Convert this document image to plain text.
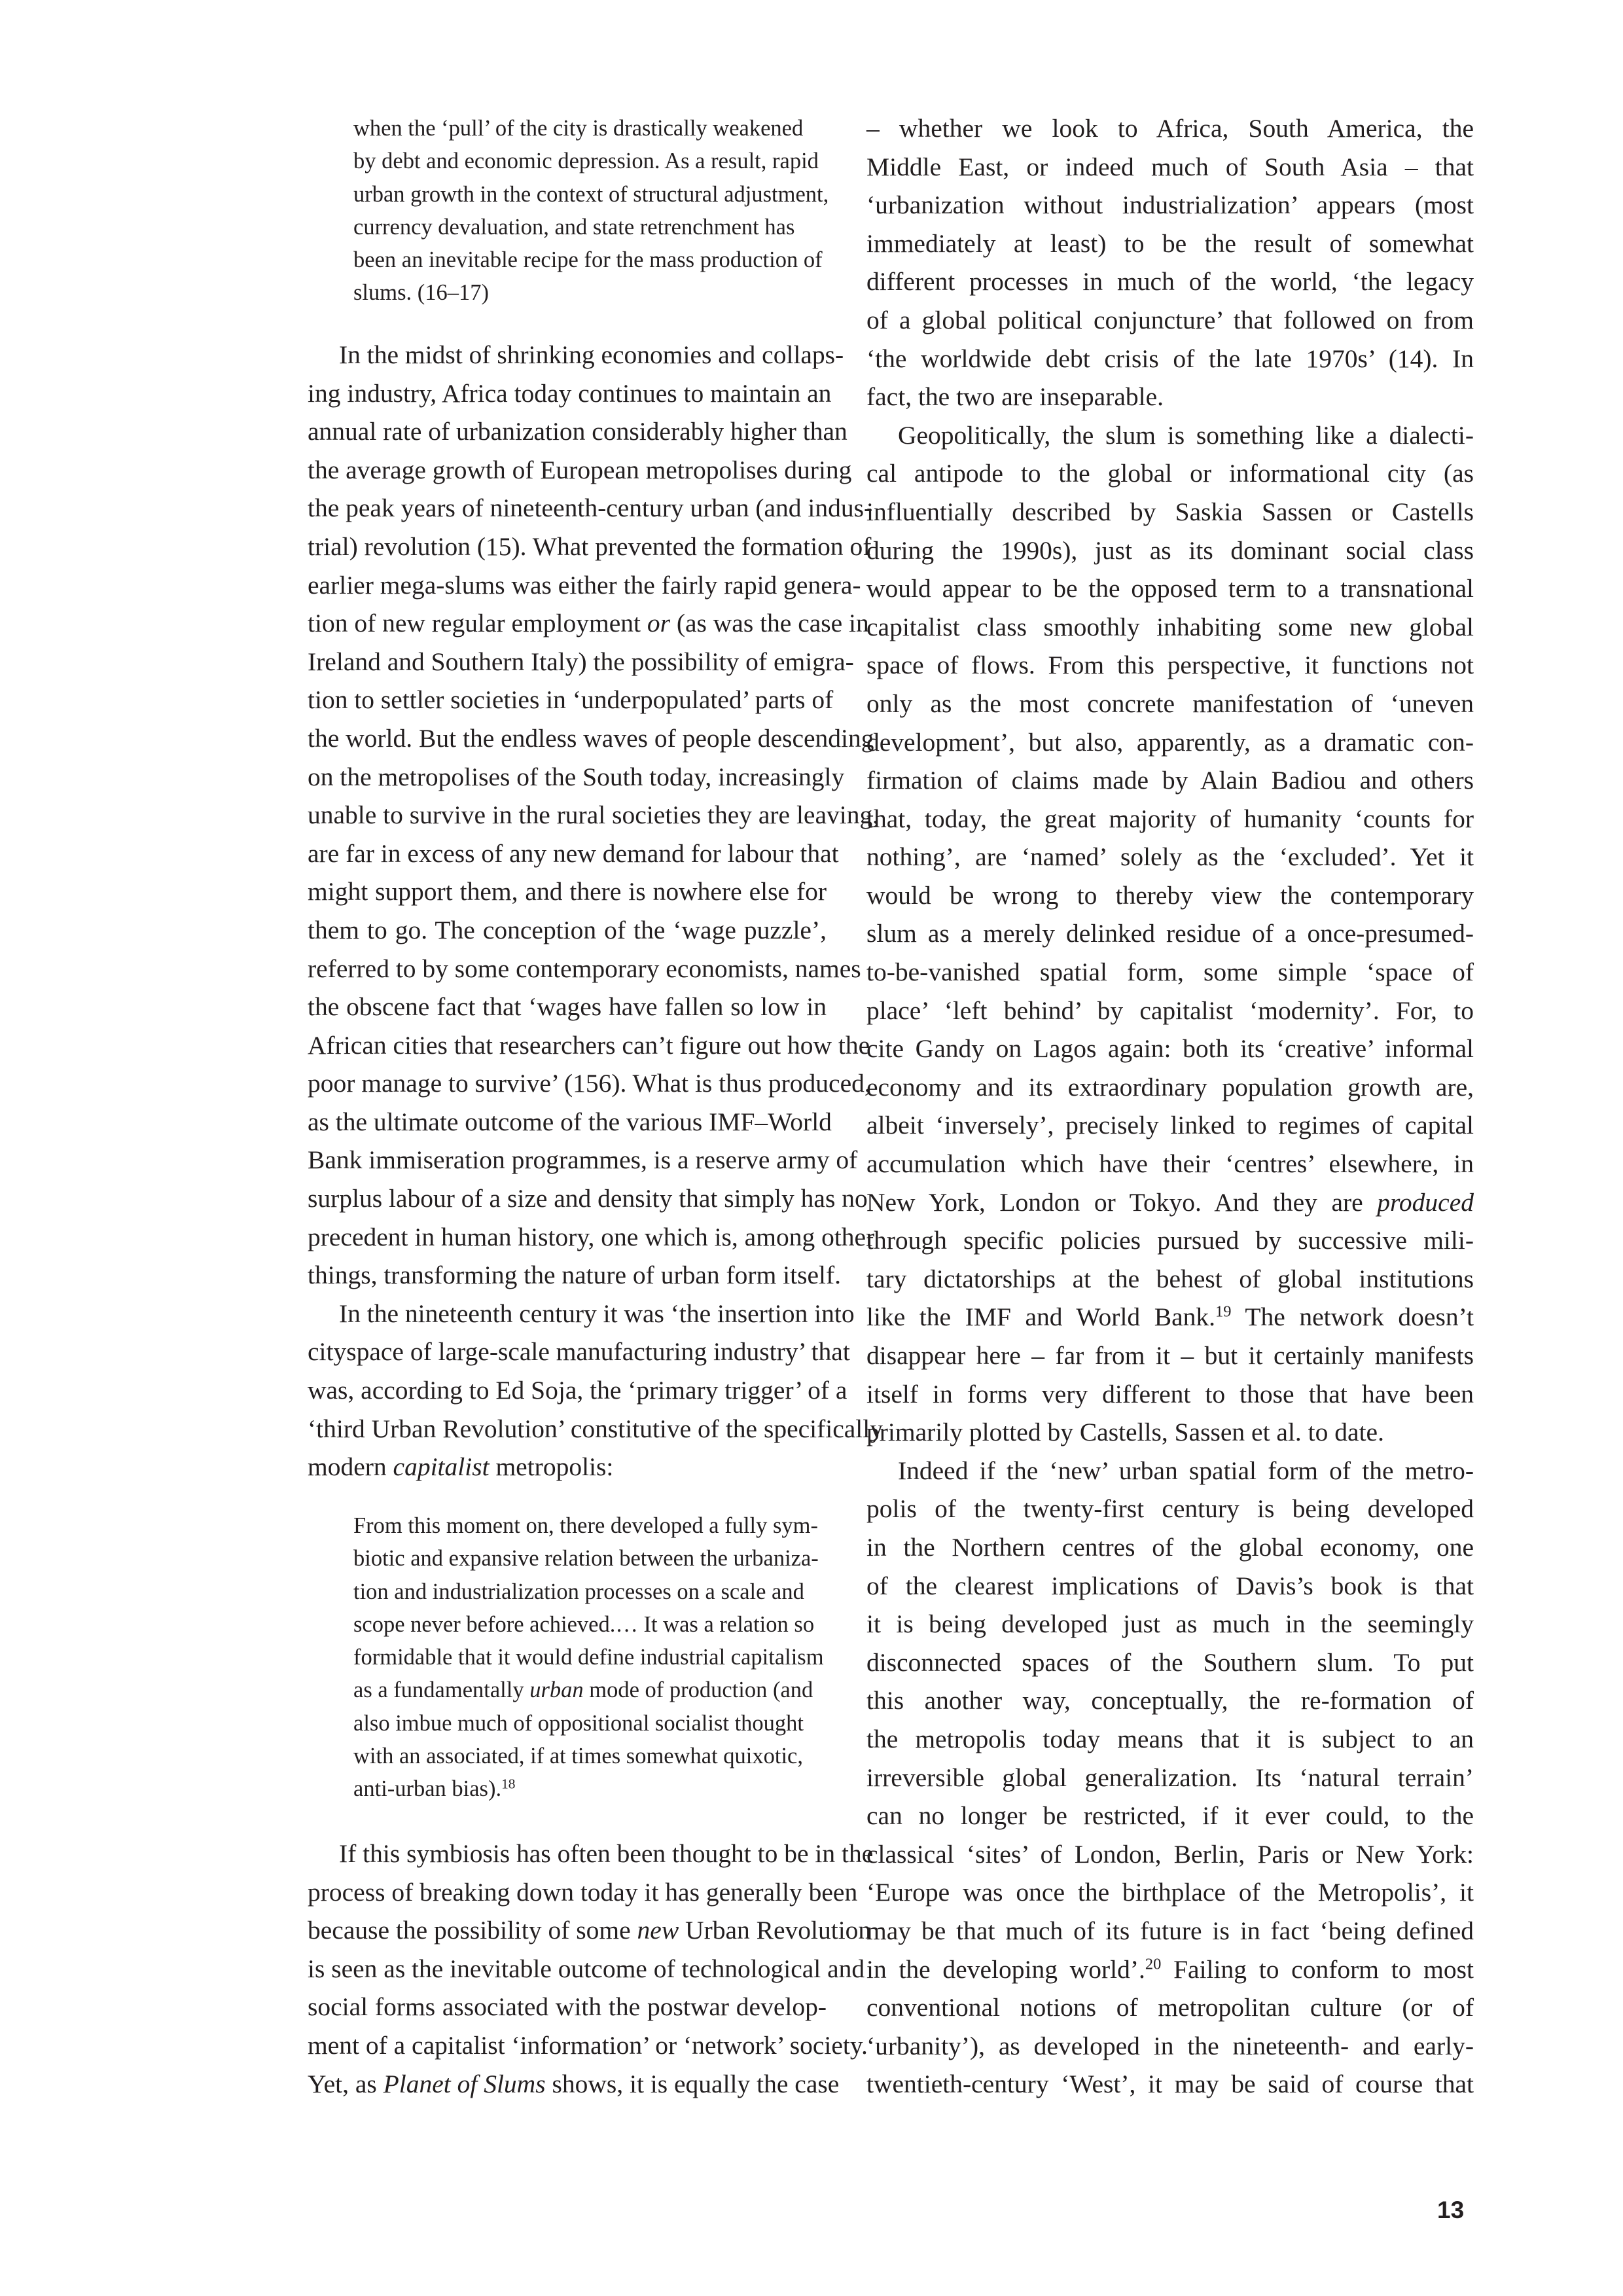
when the ‘pull’ of the city is drastically weakened
by debt and economic depression. As a result, rapid
urban growth in the context of structural adjustment,
currency devaluation, and state retrenchment has
been an inevitable recipe for the mass production of
slums. (16–17)
In the midst of shrinking economies and collaps-
ing industry, Africa today continues to maintain an
annual rate of urbanization considerably higher than
the average growth of European metropolises during
the peak years of nineteenth-century urban (and indus-
trial) revolution (15). What prevented the formation of
earlier mega-slums was either the fairly rapid genera-
tion of new regular employment or (as was the case in
Ireland and Southern Italy) the possibility of emigra-
tion to settler societies in ‘underpopulated’ parts of
the world. But the endless waves of people descending
on the metropolises of the South today, increasingly
unable to survive in the rural societies they are leaving,
are far in excess of any new demand for labour that
might support them, and there is nowhere else for
them to go. The conception of the ‘wage puzzle’,
referred to by some contemporary economists, names
the obscene fact that ‘wages have fallen so low in
African cities that researchers can’t figure out how the
poor manage to survive’ (156). What is thus produced,
as the ultimate outcome of the various IMF–World
Bank immiseration programmes, is a reserve army of
surplus labour of a size and density that simply has no
precedent in human history, one which is, among other
things, transforming the nature of urban form itself.
In the nineteenth century it was ‘the insertion into
cityspace of large-scale manufacturing industry’ that
was, according to Ed Soja, the ‘primary trigger’ of a
‘third Urban Revolution’ constitutive of the specifically
modern capitalist metropolis:
From this moment on, there developed a fully sym-
biotic and expansive relation between the urbaniza-
tion and industrialization processes on a scale and
scope never before achieved.… It was a relation so
formidable that it would define industrial capitalism
as a fundamentally urban mode of production (and
also imbue much of oppositional socialist thought
with an associated, if at times somewhat quixotic,
anti-urban bias).$^{18}$
If this symbiosis has often been thought to be in the
process of breaking down today it has generally been
because the possibility of some new Urban Revolution
is seen as the inevitable outcome of technological and
social forms associated with the postwar develop-
ment of a capitalist ‘information’ or ‘network’ society.
Yet, as Planet of Slums shows, it is equally the case
– whether we look to Africa, South America, the
Middle East, or indeed much of South Asia – that
‘urbanization without industrialization’ appears (most
immediately at least) to be the result of somewhat
different processes in much of the world, ‘the legacy
of a global political conjuncture’ that followed on from
‘the worldwide debt crisis of the late 1970s’ (14). In
fact, the two are inseparable.
Geopolitically, the slum is something like a dialecti-
cal antipode to the global or informational city (as
influentially described by Saskia Sassen or Castells
during the 1990s), just as its dominant social class
would appear to be the opposed term to a transnational
capitalist class smoothly inhabiting some new global
space of flows. From this perspective, it functions not
only as the most concrete manifestation of ‘uneven
development’, but also, apparently, as a dramatic con-
firmation of claims made by Alain Badiou and others
that, today, the great majority of humanity ‘counts for
nothing’, are ‘named’ solely as the ‘excluded’. Yet it
would be wrong to thereby view the contemporary
slum as a merely delinked residue of a once-presumed-
to-be-vanished spatial form, some simple ‘space of
place’ ‘left behind’ by capitalist ‘modernity’. For, to
cite Gandy on Lagos again: both its ‘creative’ informal
economy and its extraordinary population growth are,
albeit ‘inversely’, precisely linked to regimes of capital
accumulation which have their ‘centres’ elsewhere, in
New York, London or Tokyo. And they are produced
through specific policies pursued by successive mili-
tary dictatorships at the behest of global institutions
like the IMF and World Bank.$^{19}$ The network doesn’t
disappear here – far from it – but it certainly manifests
itself in forms very different to those that have been
primarily plotted by Castells, Sassen et al. to date.
Indeed if the ‘new’ urban spatial form of the metro-
polis of the twenty-first century is being developed
in the Northern centres of the global economy, one
of the clearest implications of Davis’s book is that
it is being developed just as much in the seemingly
disconnected spaces of the Southern slum. To put
this another way, conceptually, the re-formation of
the metropolis today means that it is subject to an
irreversible global generalization. Its ‘natural terrain’
can no longer be restricted, if it ever could, to the
classical ‘sites’ of London, Berlin, Paris or New York:
‘Europe was once the birthplace of the Metropolis’, it
may be that much of its future is in fact ‘being defined
in the developing world’.$^{20}$ Failing to conform to most
conventional notions of metropolitan culture (or of
‘urbanity’), as developed in the nineteenth- and early-
twentieth-century ‘West’, it may be said of course that
13
